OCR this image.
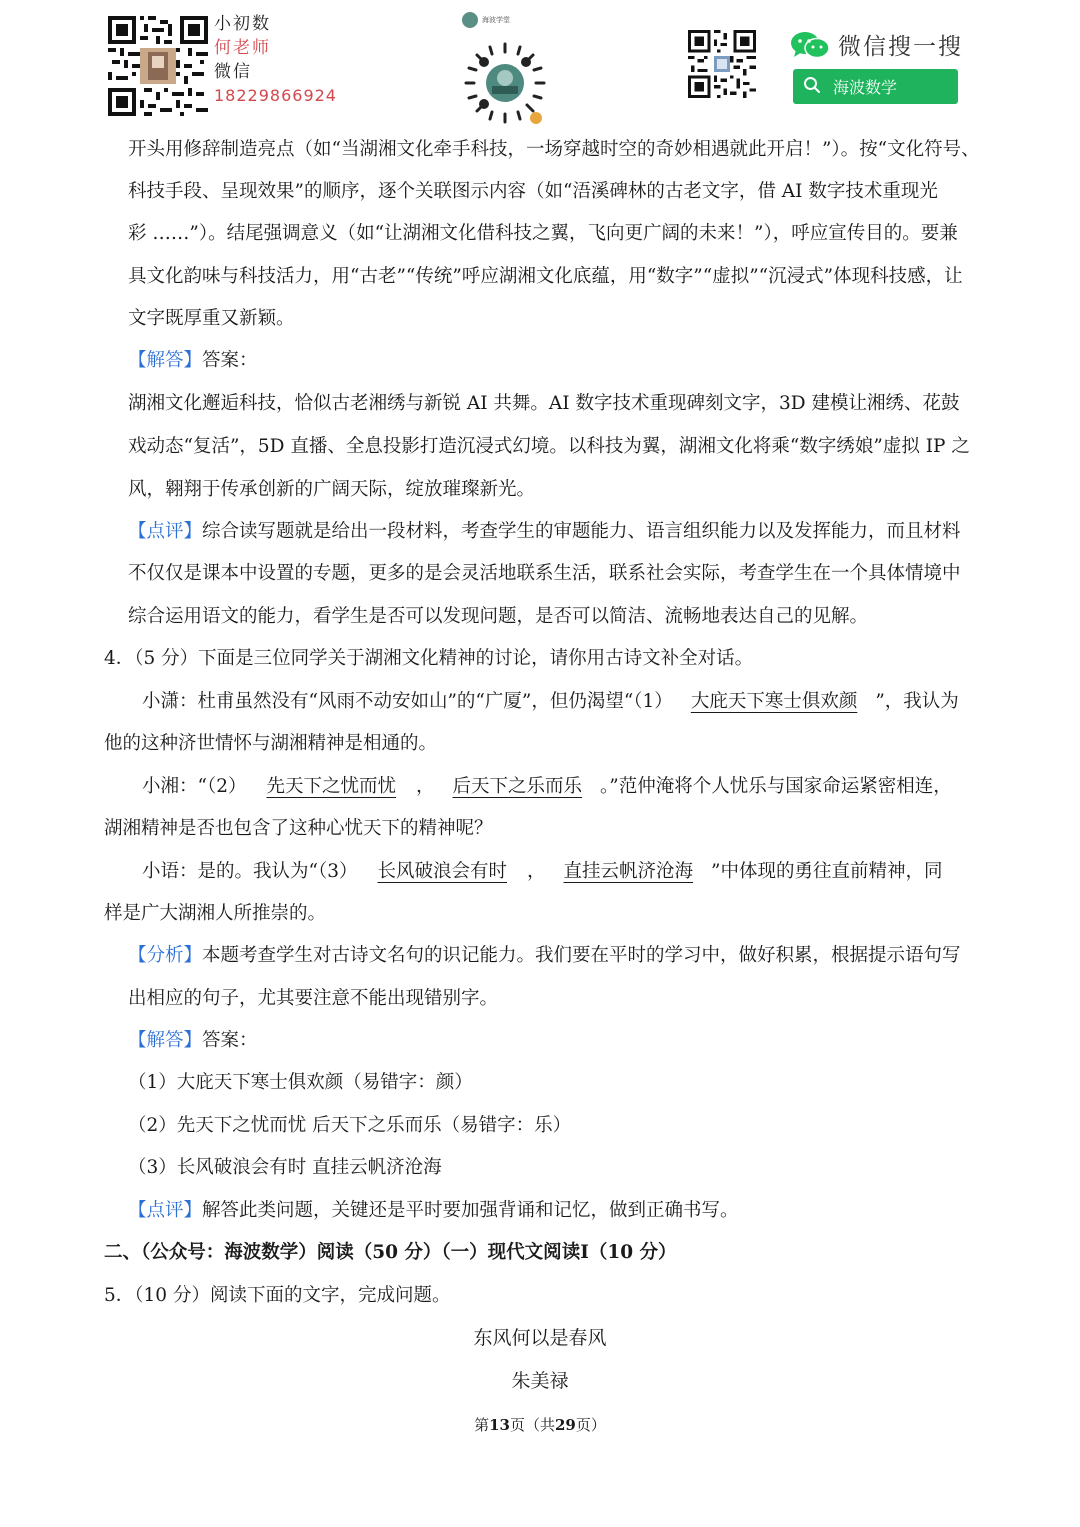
小初数
何老师
微信
18229866924
海波学堂
微信搜一搜
海波数学
开头用修辞制造亮点（如“当湖湘文化牵手科技，一场穿越时空的奇妙相遇就此开启！”）。按“文化符号、
科技手段、呈现效果”的顺序，逐个关联图示内容（如“浯溪碑林的古老文字，借 AI 数字技术重现光
彩 ……”）。结尾强调意义（如“让湖湘文化借科技之翼，飞向更广阔的未来！”），呼应宣传目的。要兼
具文化韵味与科技活力，用“古老”“传统”呼应湖湘文化底蕴，用“数字”“虚拟”“沉浸式”体现科技感，让
文字既厚重又新颖。
【解答】答案：
湖湘文化邂逅科技，恰似古老湘绣与新锐 AI 共舞。AI 数字技术重现碑刻文字，3D 建模让湘绣、花鼓
戏动态“复活”，5D 直播、全息投影打造沉浸式幻境。以科技为翼，湖湘文化将乘“数字绣娘”虚拟 IP 之
风，翱翔于传承创新的广阔天际，绽放璀璨新光。
【点评】综合读写题就是给出一段材料，考查学生的审题能力、语言组织能力以及发挥能力，而且材料
不仅仅是课本中设置的专题，更多的是会灵活地联系生活，联系社会实际，考查学生在一个具体情境中
综合运用语文的能力，看学生是否可以发现问题，是否可以简洁、流畅地表达自己的见解。
4．（5 分）下面是三位同学关于湖湘文化精神的讨论，请你用古诗文补全对话。
小潇：杜甫虽然没有“风雨不动安如山”的“广厦”，但仍渴望“（1） 大庇天下寒士俱欢颜 ”，我认为
他的这种济世情怀与湖湘精神是相通的。
小湘：“（2） 先天下之忧而忧 ， 后天下之乐而乐 。”范仲淹将个人忧乐与国家命运紧密相连，
湖湘精神是否也包含了这种心忧天下的精神呢？
小语：是的。我认为“（3） 长风破浪会有时 ， 直挂云帆济沧海 ”中体现的勇往直前精神，同
样是广大湖湘人所推崇的。
【分析】本题考查学生对古诗文名句的识记能力。我们要在平时的学习中，做好积累，根据提示语句写
出相应的句子，尤其要注意不能出现错别字。
【解答】答案：
（1）大庇天下寒士俱欢颜（易错字：颜）
（2）先天下之忧而忧 后天下之乐而乐（易错字：乐）
（3）长风破浪会有时 直挂云帆济沧海
【点评】解答此类问题，关键还是平时要加强背诵和记忆，做到正确书写。
二、（公众号：海波数学）阅读（50 分）（一）现代文阅读I（10 分）
5．（10 分）阅读下面的文字，完成问题。
东风何以是春风
朱美禄
第13页（共29页）
